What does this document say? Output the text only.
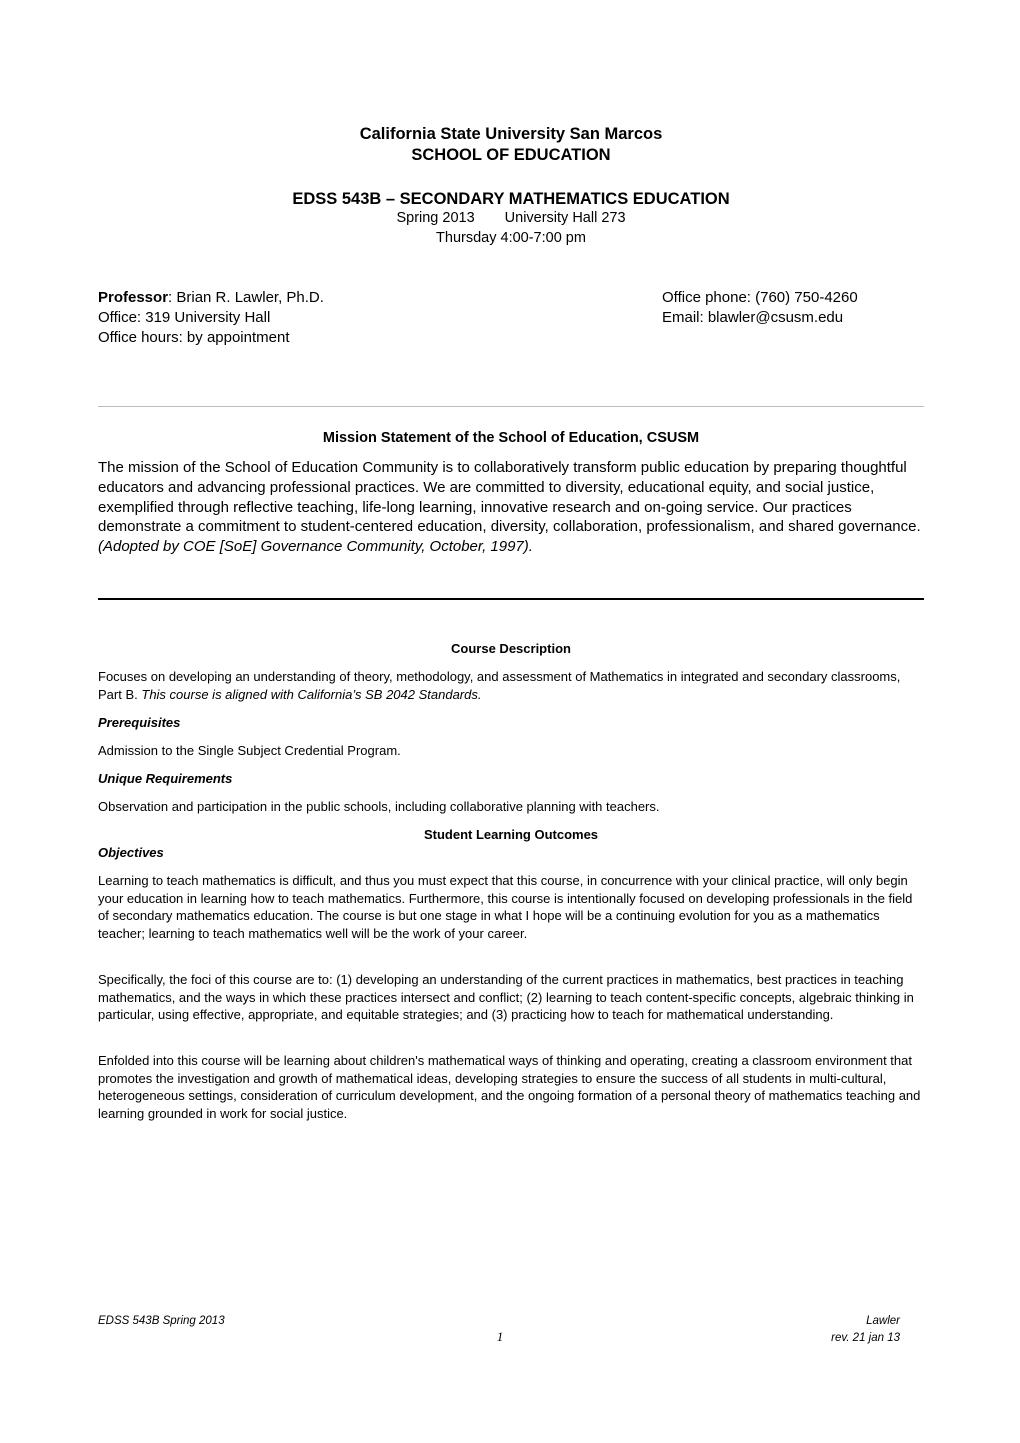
California State University San Marcos
SCHOOL OF EDUCATION
EDSS 543B – SECONDARY MATHEMATICS EDUCATION
Spring 2013 University Hall 273
Thursday 4:00-7:00 pm
Professor: Brian R. Lawler, Ph.D.
Office: 319 University Hall
Office hours: by appointment
Office phone: (760) 750-4260
Email: blawler@csusm.edu
Mission Statement of the School of Education, CSUSM
The mission of the School of Education Community is to collaboratively transform public education by preparing thoughtful educators and advancing professional practices. We are committed to diversity, educational equity, and social justice, exemplified through reflective teaching, life-long learning, innovative research and on-going service. Our practices demonstrate a commitment to student-centered education, diversity, collaboration, professionalism, and shared governance. (Adopted by COE [SoE] Governance Community, October, 1997).
Course Description
Focuses on developing an understanding of theory, methodology, and assessment of Mathematics in integrated and secondary classrooms, Part B. This course is aligned with California’s SB 2042 Standards.
Prerequisites
Admission to the Single Subject Credential Program.
Unique Requirements
Observation and participation in the public schools, including collaborative planning with teachers.
Student Learning Outcomes
Objectives
Learning to teach mathematics is difficult, and thus you must expect that this course, in concurrence with your clinical practice, will only begin your education in learning how to teach mathematics. Furthermore, this course is intentionally focused on developing professionals in the field of secondary mathematics education. The course is but one stage in what I hope will be a continuing evolution for you as a mathematics teacher; learning to teach mathematics well will be the work of your career.
Specifically, the foci of this course are to: (1) developing an understanding of the current practices in mathematics, best practices in teaching mathematics, and the ways in which these practices intersect and conflict; (2) learning to teach content-specific concepts, algebraic thinking in particular, using effective, appropriate, and equitable strategies; and (3) practicing how to teach for mathematical understanding.
Enfolded into this course will be learning about children's mathematical ways of thinking and operating, creating a classroom environment that promotes the investigation and growth of mathematical ideas, developing strategies to ensure the success of all students in multi-cultural, heterogeneous settings, consideration of curriculum development, and the ongoing formation of a personal theory of mathematics teaching and learning grounded in work for social justice.
EDSS 543B Spring 2013	Lawler
rev. 21 jan 13
1
